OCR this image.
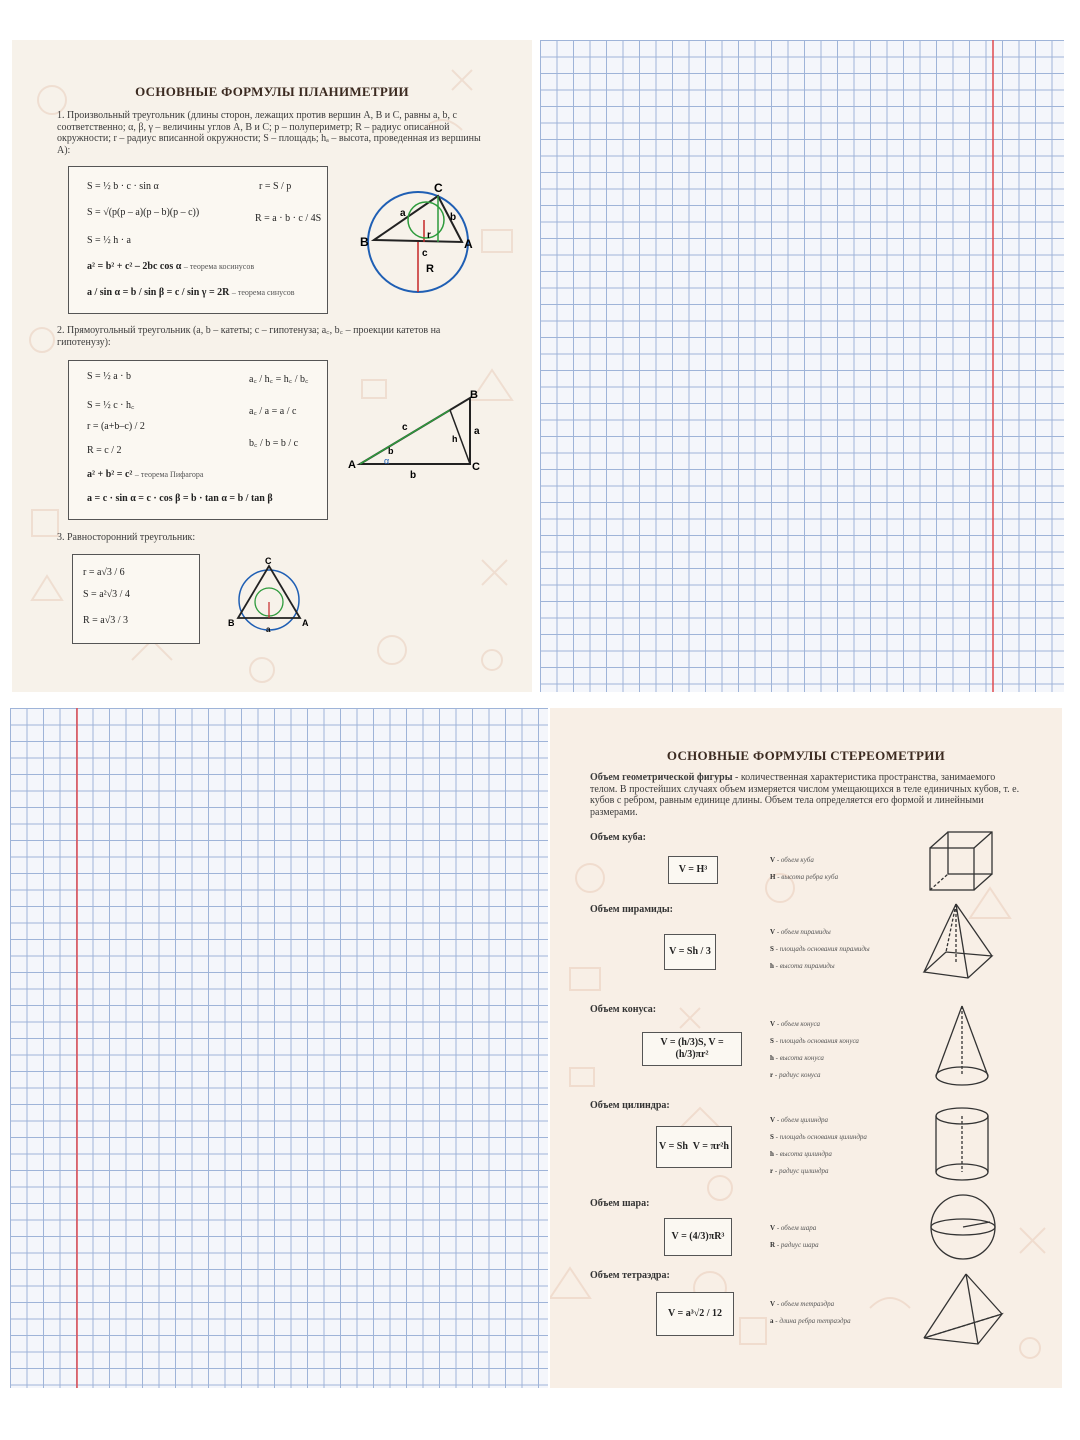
ОСНОВНЫЕ ФОРМУЛЫ ПЛАНИМЕТРИИ
1. Произвольный треугольник (длины сторон, лежащих против вершин A, B и C, равны a, b, c соответственно; α, β, γ – величины углов A, B и C; p – полупериметр; R – радиус описанной окружности; r – радиус вписанной окружности; S – площадь; hₐ – высота, проведенная из вершины A):
S = ½ b · c · sin α	r = S / p
S = √(p(p – a)(p – b)(p – c))
R = a · b · c / 4S
S = ½ h · a
a² = b² + c² – 2bc cos α – теорема косинусов
a / sin α = b / sin β = c / sin γ = 2R – теорема синусов
B	A
C
a	b
c
R
r
2. Прямоугольный треугольник (a, b – катеты; c – гипотенуза; a꜀, b꜀ – проекции катетов на гипотенузу):
S = ½ a · b
S = ½ c · h꜀
r = (a+b–c) / 2
R = c / 2
a꜀ / h꜀ = h꜀ / b꜀
a꜀ / a = a / c
b꜀ / b = b / c
a² + b² = c² – теорема Пифагора
a = c · sin α = c · cos β = b · tan α = b / tan β
A	C
B
b
a
c
b
h
α
3. Равносторонний треугольник:
r = a√3 / 6
S = a²√3 / 4
R = a√3 / 3
C
B	A
a
ОСНОВНЫЕ ФОРМУЛЫ СТЕРЕОМЕТРИИ
Объем геометрической фигуры - количественная характеристика пространства, занимаемого телом. В простейших случаях объем измеряется числом умещающихся в теле единичных кубов, т. е. кубов с ребром, равным единице длины. Объем тела определяется его формой и линейными размерами.
Объем куба:
V = H³
V - объем куба
H - высота ребра куба
Объем пирамиды:
V = Sh / 3
V - объем пирамиды
S - площадь основания пирамиды
h - высота пирамиды
Объем конуса:
V = (h/3)S, V = (h/3)πr²
V - объем конуса
S - площадь основания конуса
h - высота конуса
r - радиус конуса
Объем цилиндра:
V = Sh  V = πr²h
V - объем цилиндра
S - площадь основания цилиндра
h - высота цилиндра
r - радиус цилиндра
Объем шара:
V = (4/3)πR³
V - объем шара
R - радиус шара
Объем тетраэдра:
V = a³√2 / 12
V - объем тетраэдра
a - длина ребра тетраэдра
